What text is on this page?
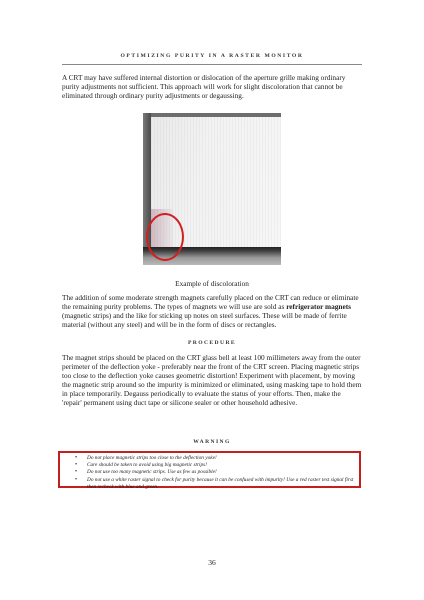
OPTIMIZING PURITY IN A RASTER MONITOR

A CRT may have suffered internal distortion or dislocation of the aperture grille making ordinary purity adjustments not sufficient. This approach will work for slight discoloration that cannot be eliminated through ordinary purity adjustments or degaussing.

Example of discoloration

The addition of some moderate strength magnets carefully placed on the CRT can reduce or eliminate the remaining purity problems. The types of magnets we will use are sold as refrigerator magnets (magnetic strips) and the like for sticking up notes on steel surfaces. These will be made of ferrite material (without any steel) and will be in the form of discs or rectangles.

PROCEDURE

The magnet strips should be placed on the CRT glass bell at least 100 millimeters away from the outer perimeter of the deflection yoke - preferably near the front of the CRT screen. Placing magnetic strips too close to the deflection yoke causes geometric distortion! Experiment with placement, by moving the magnetic strip around so the impurity is minimized or eliminated, using masking tape to hold them in place temporarily. Degauss periodically to evaluate the status of your efforts. Then, make the 'repair' permanent using duct tape or silicone sealer or other household adhesive.

WARNING
• Do not place magnetic strips too close to the deflection yoke!
• Care should be taken to avoid using big magnetic strips!
• Do not use too many magnetic strips. Use as few as possible!
• Do not use a white raster signal to check for purity because it can be confused with impurity! Use a red raster test signal first then recheck with blue and green.
36
